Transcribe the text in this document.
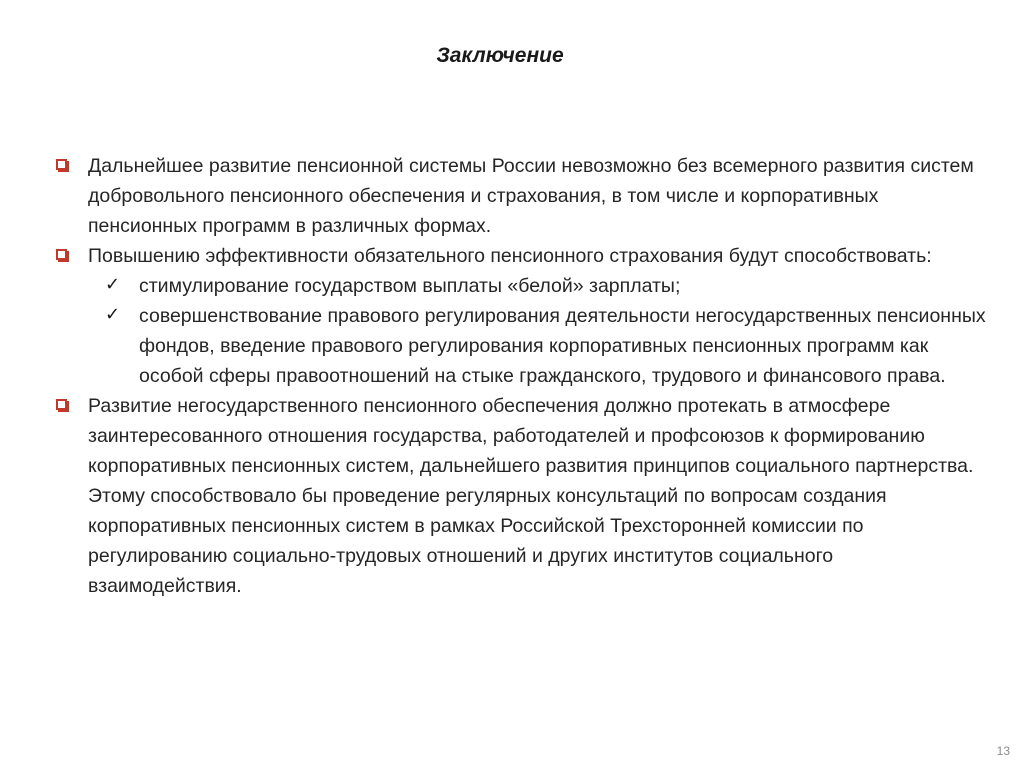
Заключение
Дальнейшее развитие пенсионной системы России невозможно без всемерного развития систем добровольного пенсионного обеспечения и страхования, в том числе и корпоративных пенсионных программ в различных формах.
Повышению эффективности обязательного пенсионного страхования будут способствовать:
✓ стимулирование государством выплаты «белой» зарплаты;
✓ совершенствование правового регулирования деятельности негосударственных пенсионных фондов, введение правового регулирования корпоративных пенсионных программ как особой сферы правоотношений на стыке гражданского, трудового и финансового права.
Развитие негосударственного пенсионного обеспечения должно протекать в атмосфере заинтересованного отношения государства, работодателей и профсоюзов к формированию корпоративных пенсионных систем, дальнейшего развития принципов социального партнерства. Этому способствовало бы проведение регулярных консультаций по вопросам создания корпоративных пенсионных систем в рамках Российской Трехсторонней комиссии по регулированию социально-трудовых отношений и других институтов социального взаимодействия.
13
